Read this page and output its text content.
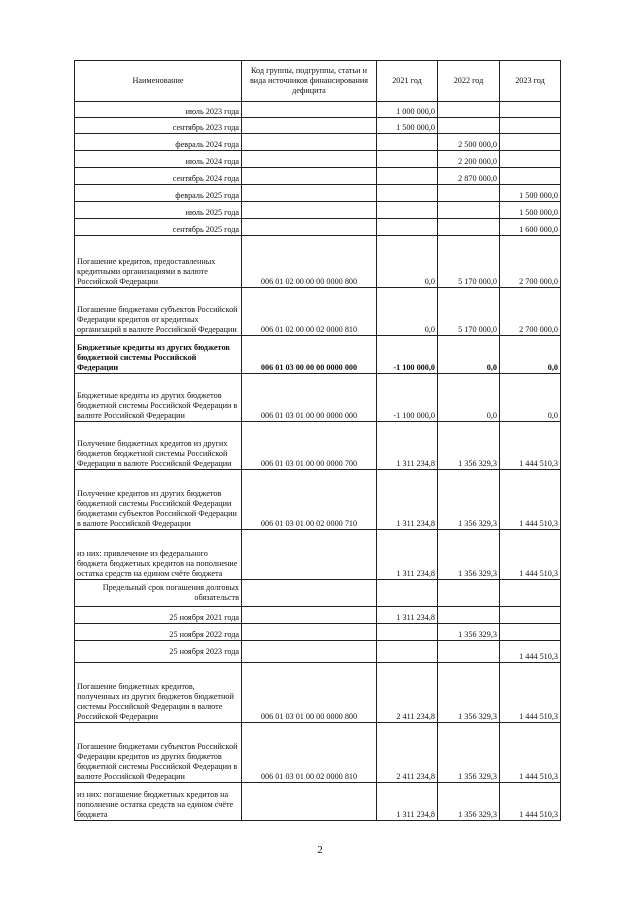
Наименование	Код группы, подгруппы, статьи и вида источников финансирования дефицита	2021 год	2022 год	2023 год
июль 2023 года		1 000 000,0		
сентябрь 2023 года		1 500 000,0		
февраль 2024 года			2 500 000,0	
июль 2024 года			2 200 000,0	
сентябрь 2024 года			2 870 000,0	
февраль 2025 года				1 500 000,0
июль 2025 года				1 500 000,0
сентябрь 2025 года				1 600 000,0
Погашение кредитов, предоставленных кредитными организациями в валюте Российской Федерации	006 01 02 00 00 00 0000 800	0,0	5 170 000,0	2 700 000,0
Погашение бюджетами субъектов Российской Федерации кредитов от кредитных организаций в валюте Российской Федерации	006 01 02 00 00 02 0000 810	0,0	5 170 000,0	2 700 000,0
Бюджетные кредиты из других бюджетов бюджетной системы Российской Федерации	006 01 03 00 00 00 0000 000	-1 100 000,0	0,0	0,0
Бюджетные кредиты из других бюджетов бюджетной системы Российской Федерации в валюте Российской Федерации	006 01 03 01 00 00 0000 000	-1 100 000,0	0,0	0,0
Получение бюджетных кредитов из других бюджетов бюджетной системы Российской Федерации в валюте Российской Федерации	006 01 03 01 00 00 0000 700	1 311 234,8	1 356 329,3	1 444 510,3
Получение кредитов из других бюджетов бюджетной системы Российской Федерации бюджетами субъектов Российской Федерации в валюте Российской Федерации	006 01 03 01 00 02 0000 710	1 311 234,8	1 356 329,3	1 444 510,3
из них: привлечение из федерального бюджета бюджетных кредитов на пополнение остатка средств на едином счёте бюджета		1 311 234,8	1 356 329,3	1 444 510,3
Предельный срок погашения долговых обязательств				
25 ноября 2021 года		1 311 234,8		
25 ноября 2022 года			1 356 329,3	
25 ноября 2023 года				1 444 510,3
Погашение бюджетных кредитов, полученных из других бюджетов бюджетной системы Российской Федерации в валюте Российской Федерации	006 01 03 01 00 00 0000 800	2 411 234,8	1 356 329,3	1 444 510,3
Погашение бюджетами субъектов Российской Федерации кредитов из других бюджетов бюджетной системы Российской Федерации в валюте Российской Федерации	006 01 03 01 00 02 0000 810	2 411 234,8	1 356 329,3	1 444 510,3
из них: погашение бюджетных кредитов на пополнение остатка средств на едином счёте бюджета		1 311 234,8	1 356 329,3	1 444 510,3
2
